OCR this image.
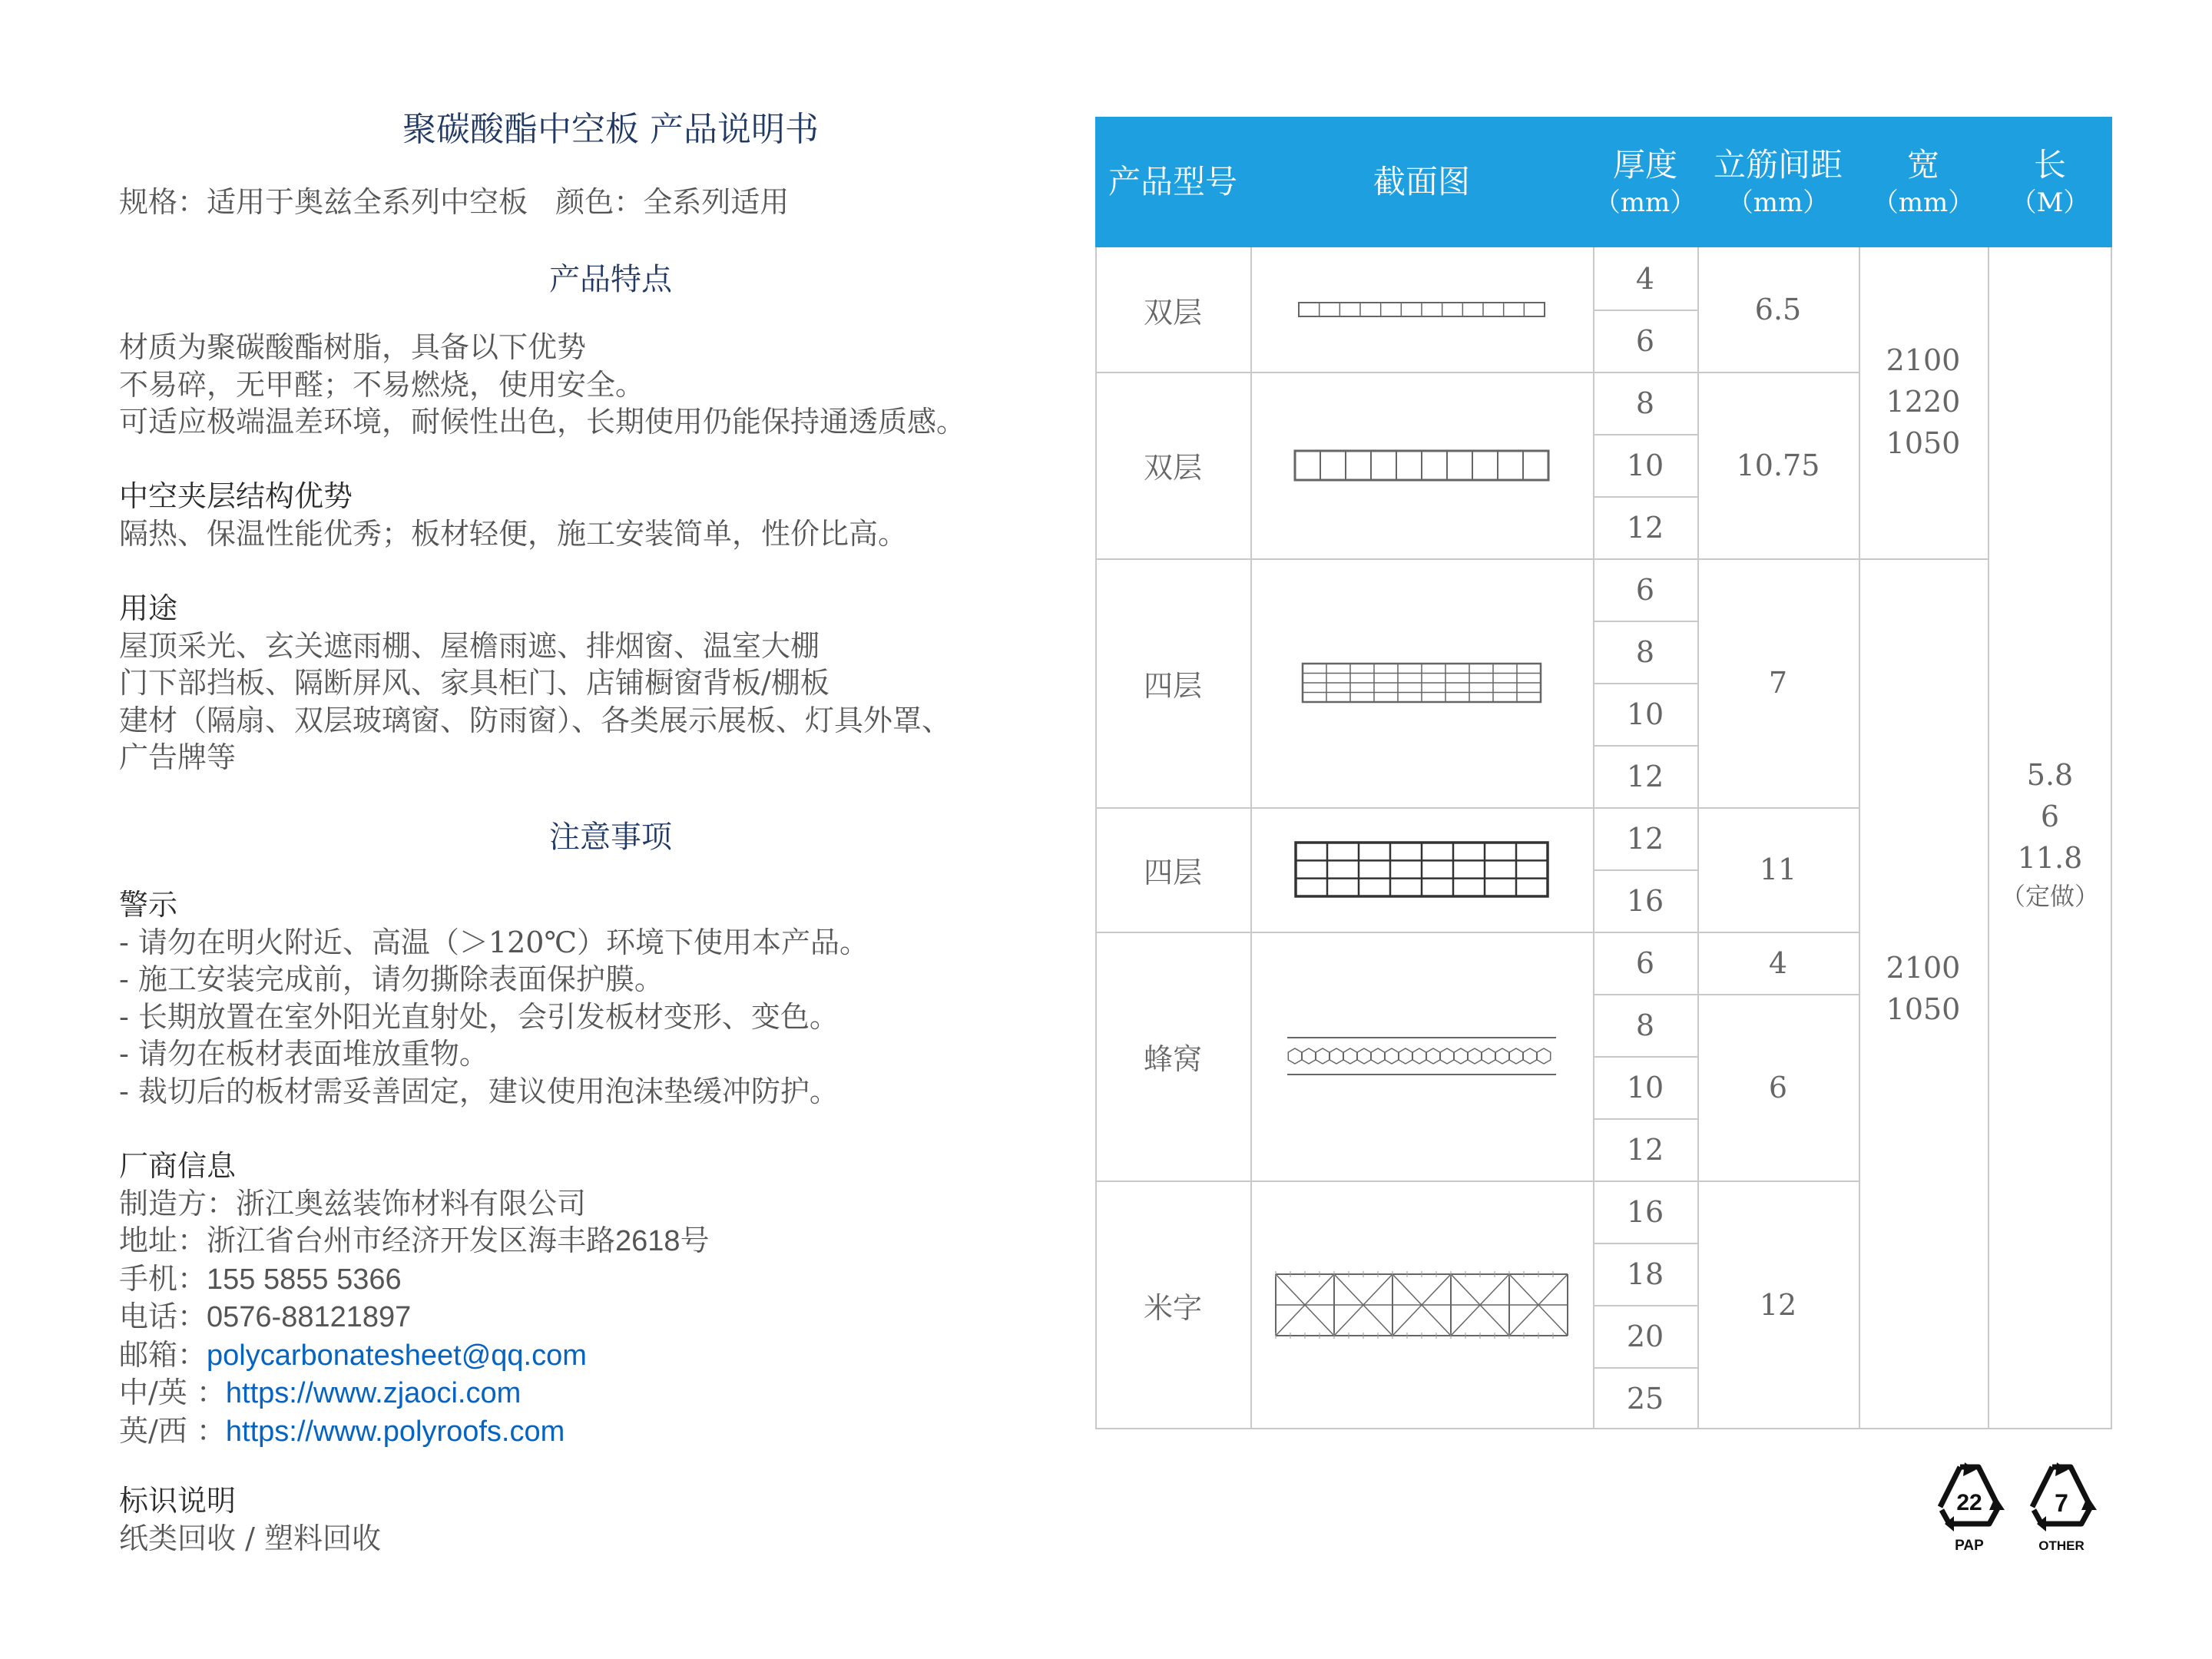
聚碳酸酯中空板 产品说明书
规格：适用于奥兹全系列中空板   颜色：全系列适用
产品特点
材质为聚碳酸酯树脂，具备以下优势
不易碎，无甲醛；不易燃烧，使用安全。
可适应极端温差环境，耐候性出色，长期使用仍能保持通透质感。
中空夹层结构优势
隔热、保温性能优秀；板材轻便，施工安装简单，性价比高。
用途
屋顶采光、玄关遮雨棚、屋檐雨遮、排烟窗、温室大棚
门下部挡板、隔断屏风、家具柜门、店铺橱窗背板/棚板
建材（隔扇、双层玻璃窗、防雨窗）、各类展示展板、灯具外罩、
广告牌等
注意事项
警示
- 请勿在明火附近、高温（＞120℃）环境下使用本产品。
- 施工安装完成前，请勿撕除表面保护膜。
- 长期放置在室外阳光直射处，会引发板材变形、变色。
- 请勿在板材表面堆放重物。
- 裁切后的板材需妥善固定，建议使用泡沫垫缓冲防护。
厂商信息
制造方：浙江奥兹装饰材料有限公司
地址：浙江省台州市经济开发区海丰路2618号
手机：155 5855 5366
电话：0576-88121897
邮箱：polycarbonatesheet@qq.com
中/英 ：https://www.zjaoci.com
英/西 ：https://www.polyroofs.com
标识说明
纸类回收 / 塑料回收
产品型号	截面图	厚度
（mm）
立筋间距
（mm）
宽
（mm）
长
（M）
双层
4
6
6.5
双层
8
10
12
10.75
四层
6
8
10
12
7
四层
12
16
11
蜂窝
6
8
10
12
4
6
米字
16
18
20
25
12
2100
1220
1050
2100
1050
5.8
6
11.8
（定做）
22
PAP
7
OTHER
